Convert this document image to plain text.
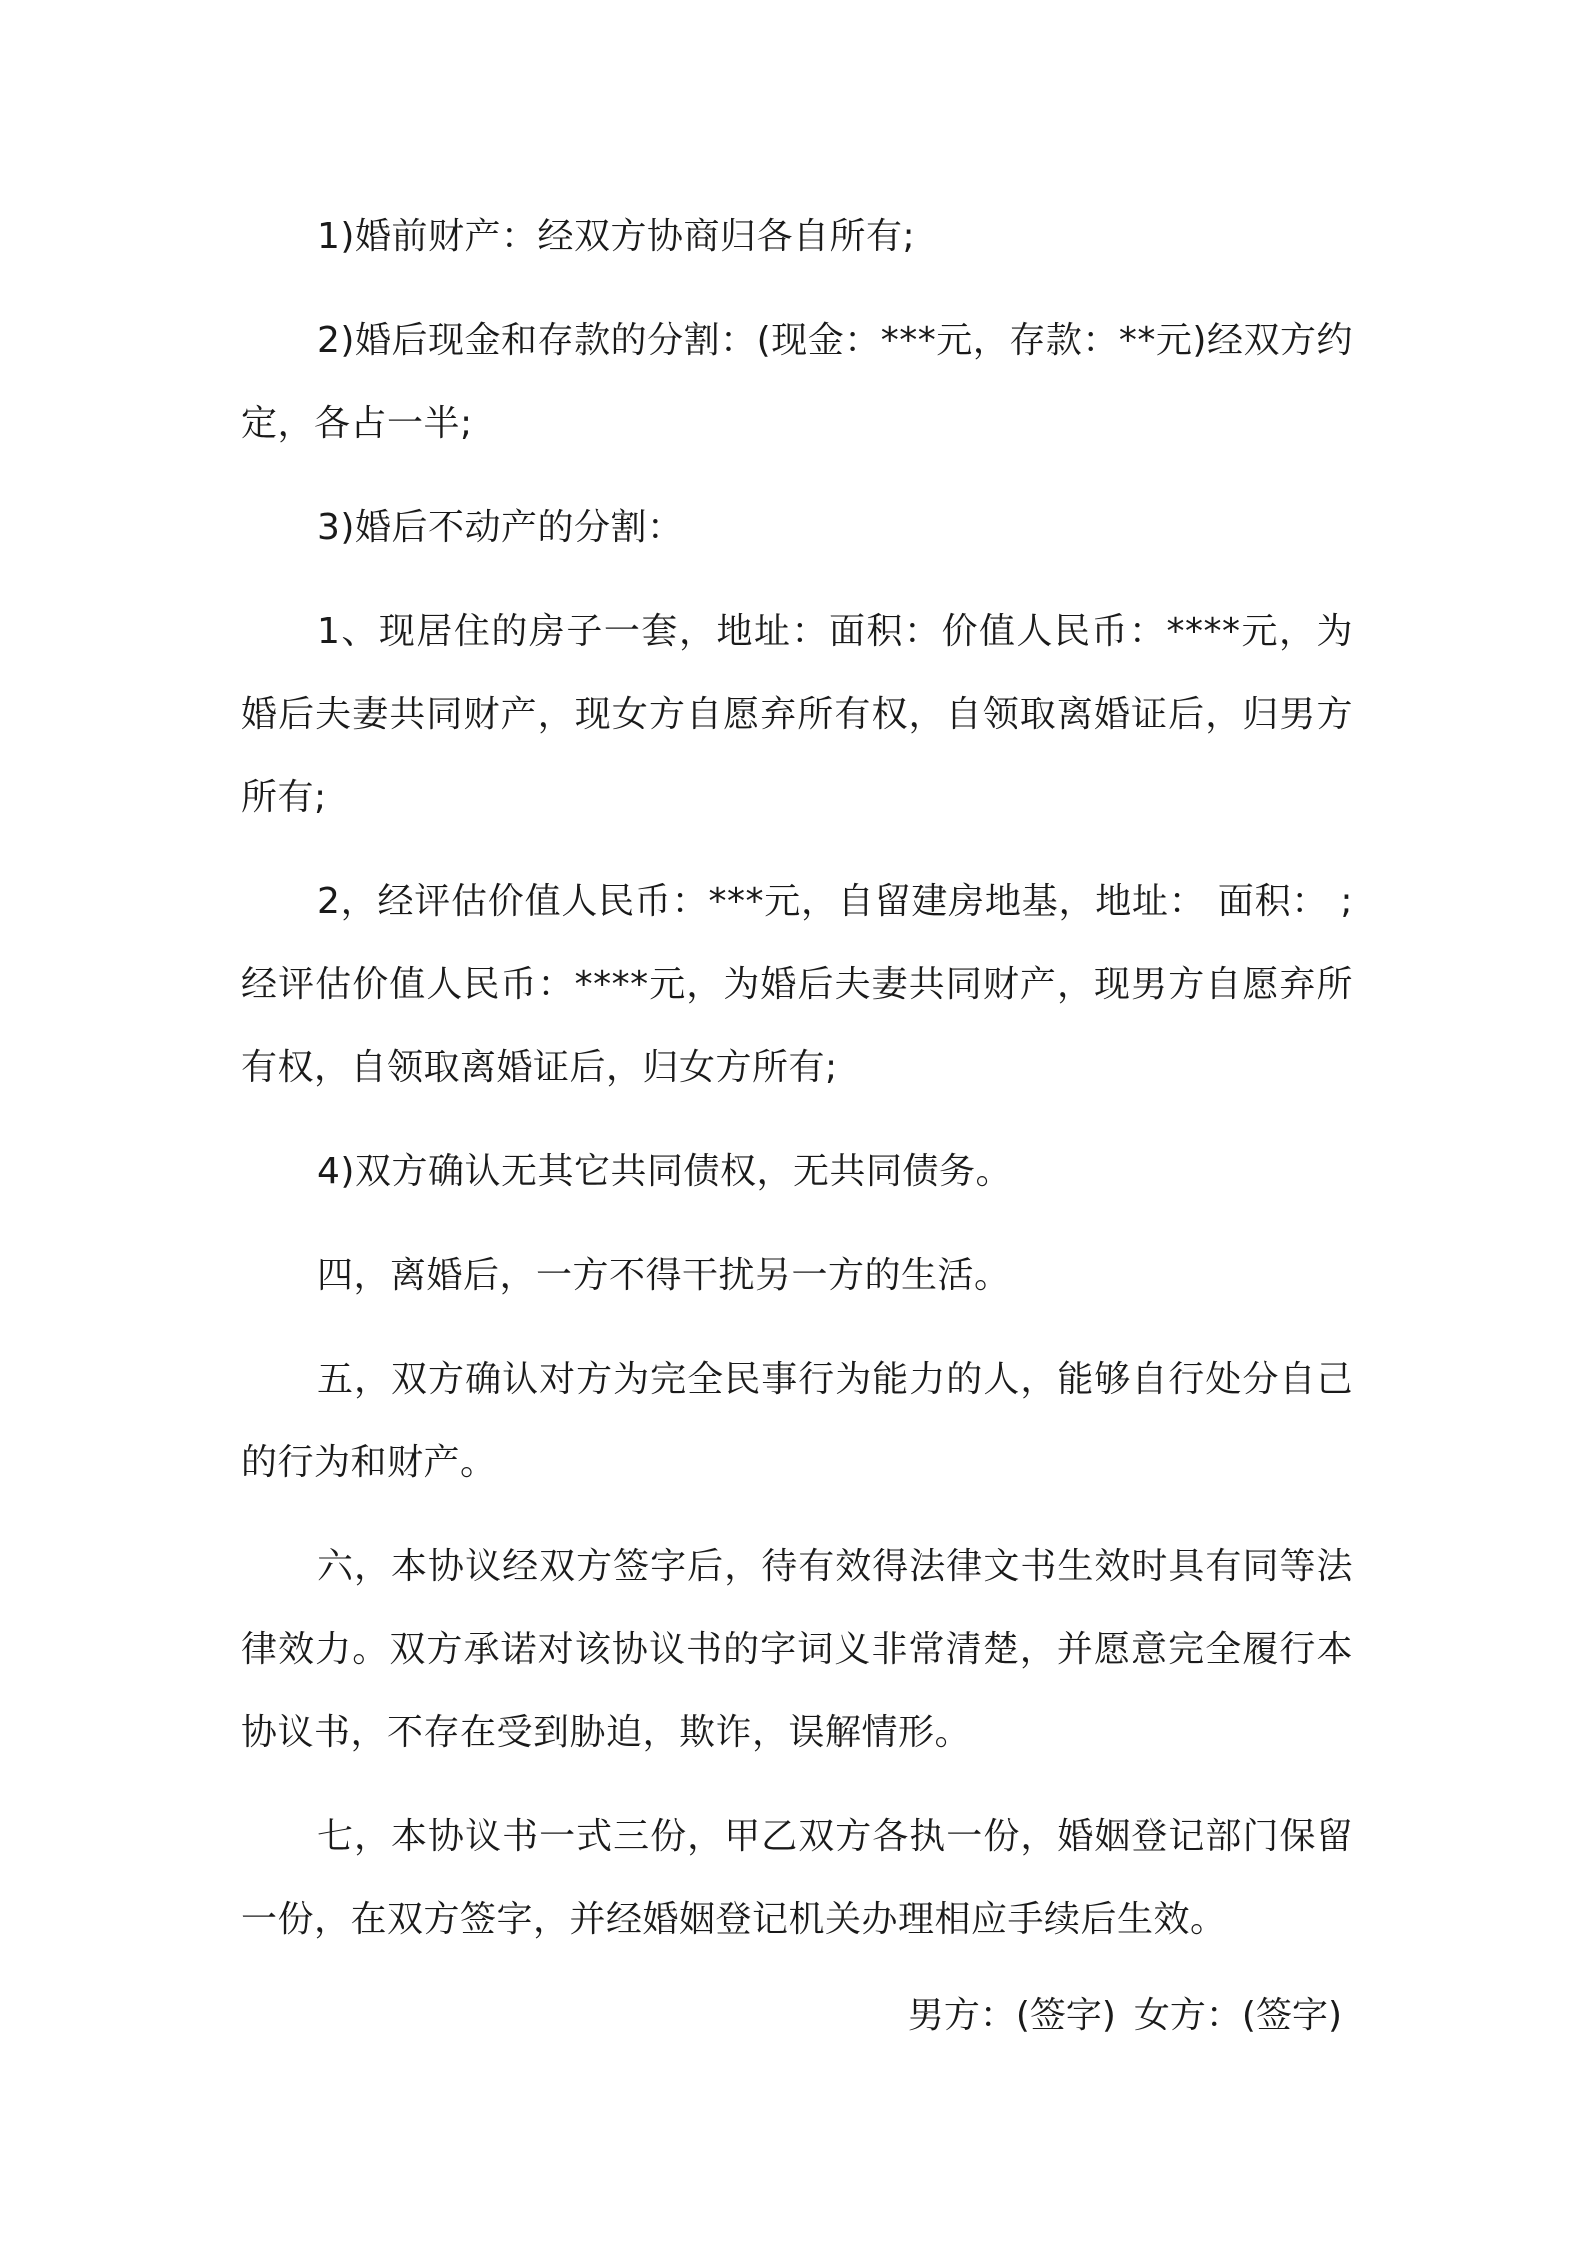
1)婚前财产：经双方协商归各自所有;

2)婚后现金和存款的分割：(现金：***元，存款：**元)经双方约定，各占一半;

3)婚后不动产的分割：

1、现居住的房子一套，地址：面积：价值人民币：****元，为婚后夫妻共同财产，现女方自愿弃所有权，自领取离婚证后，归男方所有;

2，经评估价值人民币：***元，自留建房地基，地址： 面积： ;经评估价值人民币：****元，为婚后夫妻共同财产，现男方自愿弃所有权，自领取离婚证后，归女方所有;

4)双方确认无其它共同债权，无共同债务。

四，离婚后，一方不得干扰另一方的生活。

五，双方确认对方为完全民事行为能力的人，能够自行处分自己的行为和财产。

六，本协议经双方签字后，待有效得法律文书生效时具有同等法律效力。双方承诺对该协议书的字词义非常清楚，并愿意完全履行本协议书，不存在受到胁迫，欺诈，误解情形。

七，本协议书一式三份，甲乙双方各执一份，婚姻登记部门保留一份，在双方签字，并经婚姻登记机关办理相应手续后生效。

男方：(签字) 女方：(签字)
